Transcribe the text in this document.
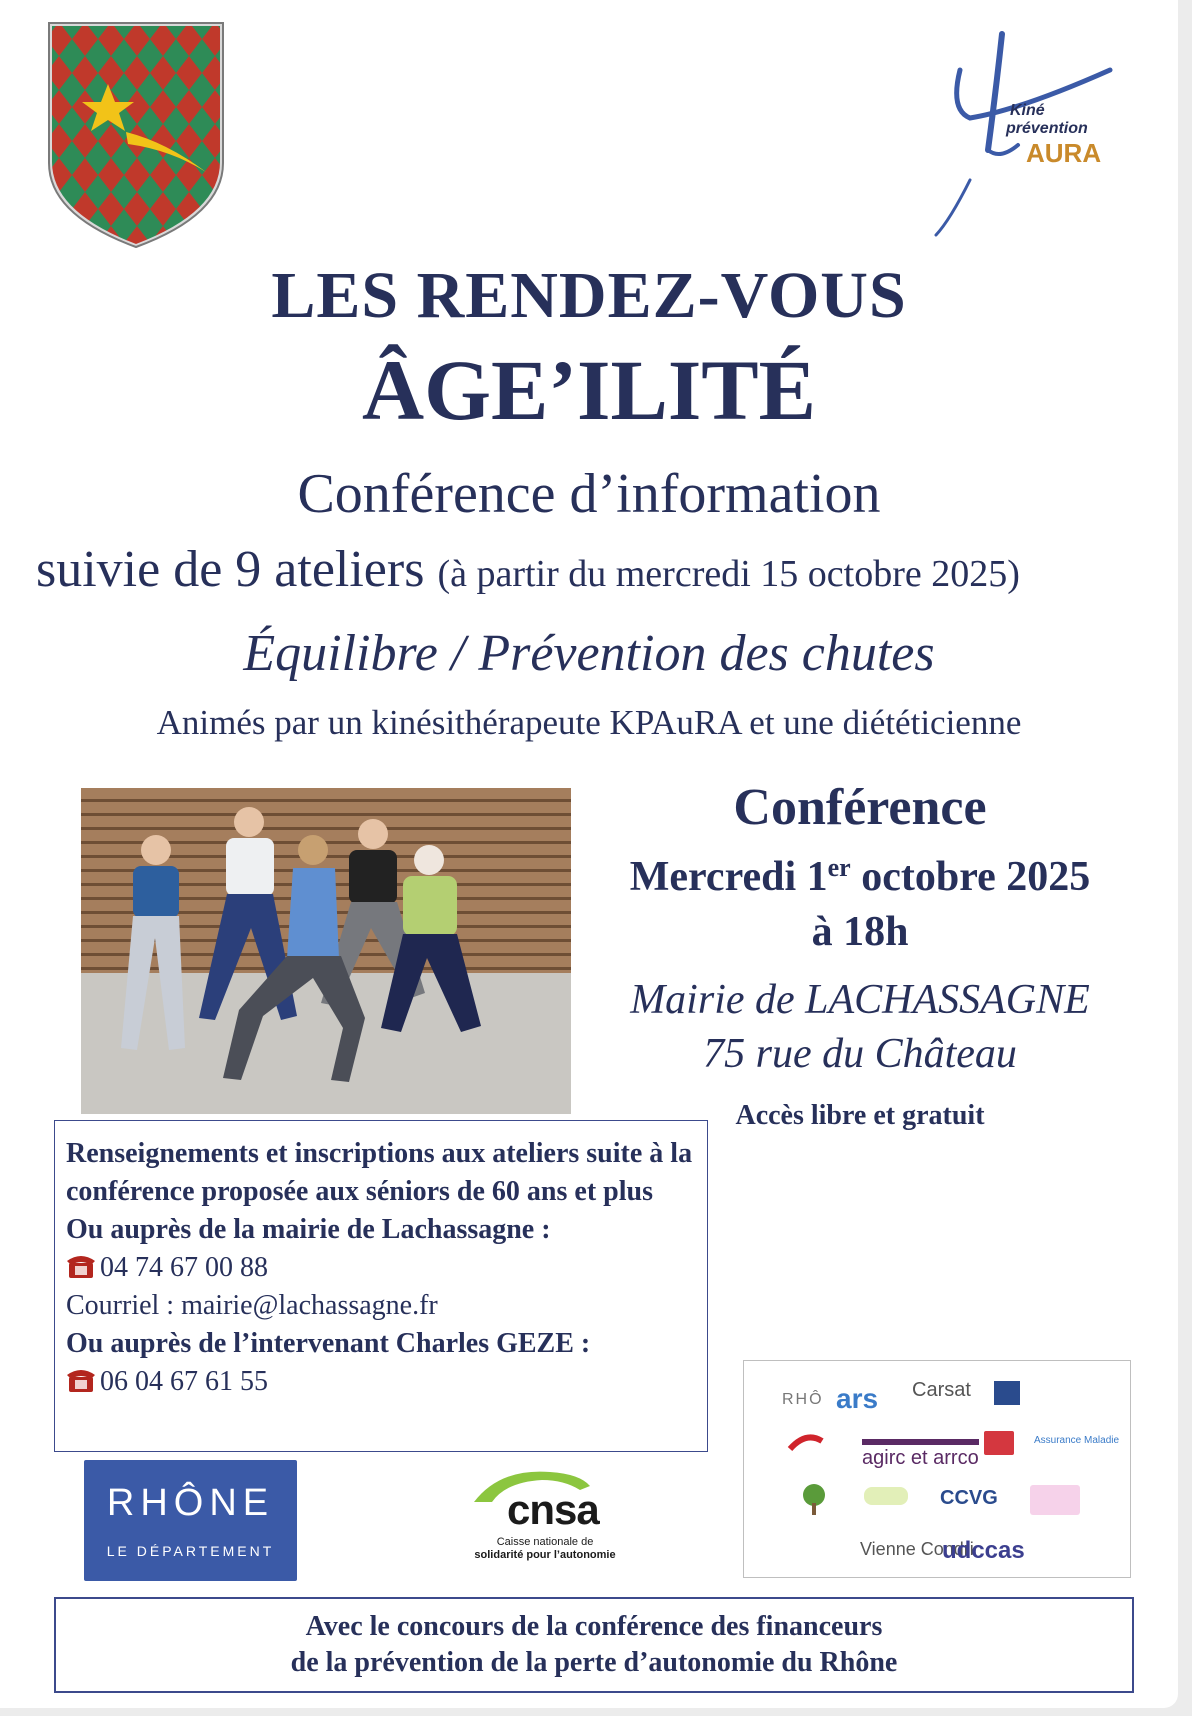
Kiné
prévention
AURA
LES RENDEZ-VOUS
ÂGE’ILITÉ
Conférence d’information
suivie de 9 ateliers (à partir du mercredi 15 octobre 2025)
Équilibre / Prévention des chutes
Animés par un kinésithérapeute KPAuRA et une diététicienne
Conférence
Mercredi 1er octobre 2025
à 18h
Mairie de LACHASSAGNE
75 rue du Château
Accès libre et gratuit
Renseignements et inscriptions aux ateliers suite à la conférence proposée aux séniors de 60 ans et plus
Ou auprès de la mairie de Lachassagne :
04 74 67 00 88
Courriel : mairie@lachassagne.fr
Ou auprès de l’intervenant Charles GEZE :
06 04 67 61 55
RHÔNE
LE DÉPARTEMENT
cnsa
Caisse nationale de
solidarité pour l’autonomie
RHÔ ars Carsat
agirc et arrco
Assurance Maladie
CCVG
Vienne Condri
udccas
Avec le concours de la conférence des financeurs
de la prévention de la perte d’autonomie du Rhône
